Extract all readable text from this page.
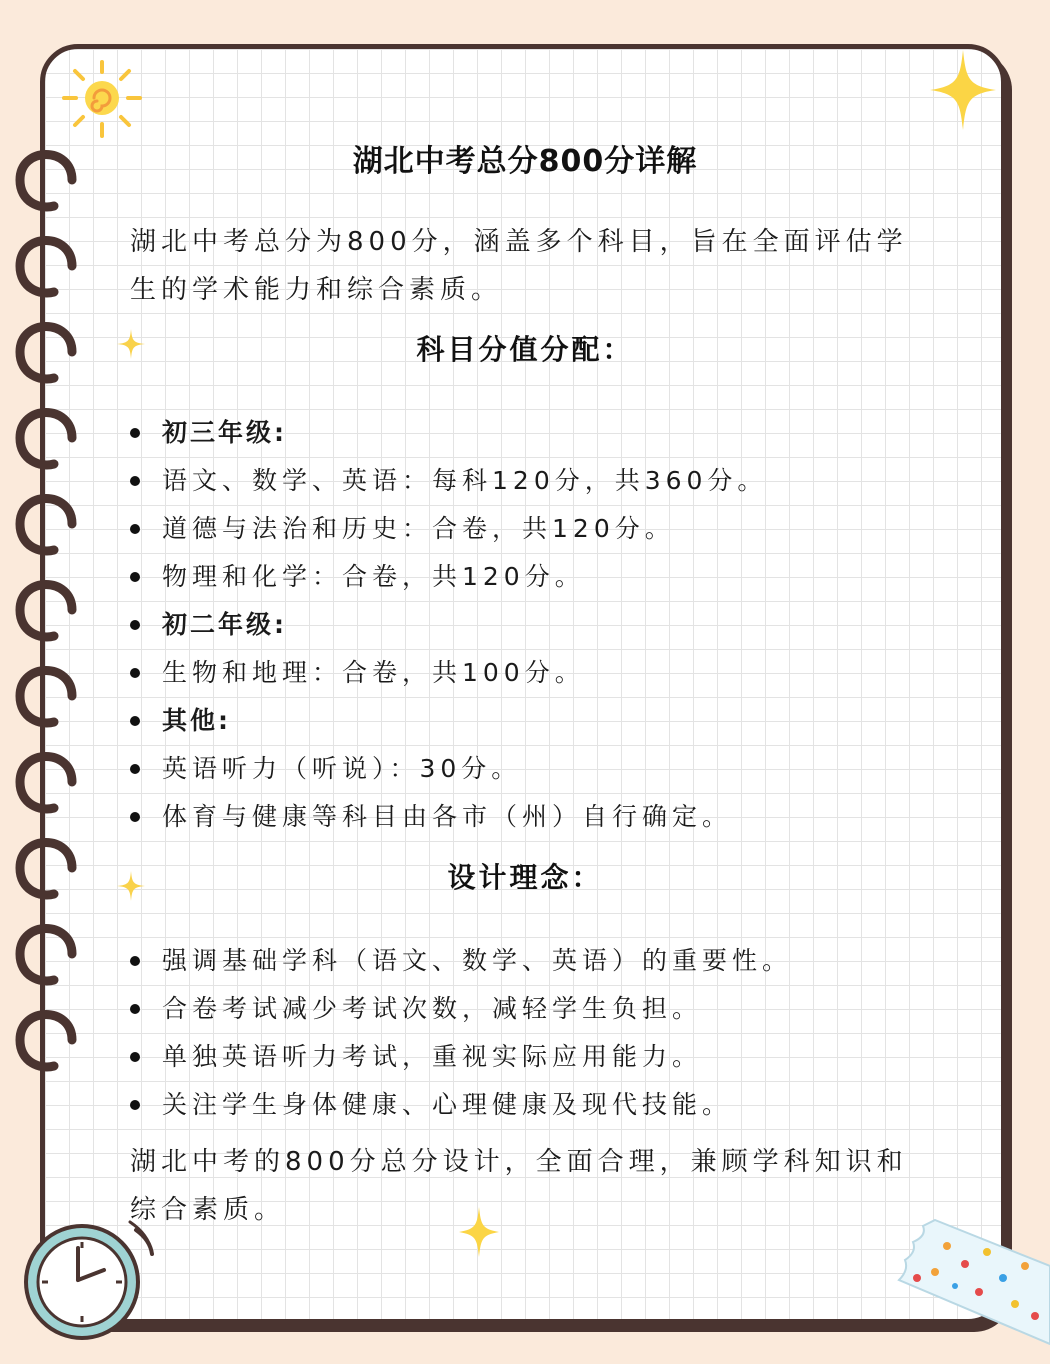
湖北中考总分800分详解
湖北中考总分为800分，涵盖多个科目，旨在全面评估学生的学术能力和综合素质。
科目分值分配：
初三年级:
语文、数学、英语：每科120分，共360分。
道德与法治和历史：合卷，共120分。
物理和化学：合卷，共120分。
初二年级:
生物和地理：合卷，共100分。
其他:
英语听力（听说）：30分。
体育与健康等科目由各市（州）自行确定。
设计理念：
强调基础学科（语文、数学、英语）的重要性。
合卷考试减少考试次数，减轻学生负担。
单独英语听力考试，重视实际应用能力。
关注学生身体健康、心理健康及现代技能。
湖北中考的800分总分设计，全面合理，兼顾学科知识和综合素质。
